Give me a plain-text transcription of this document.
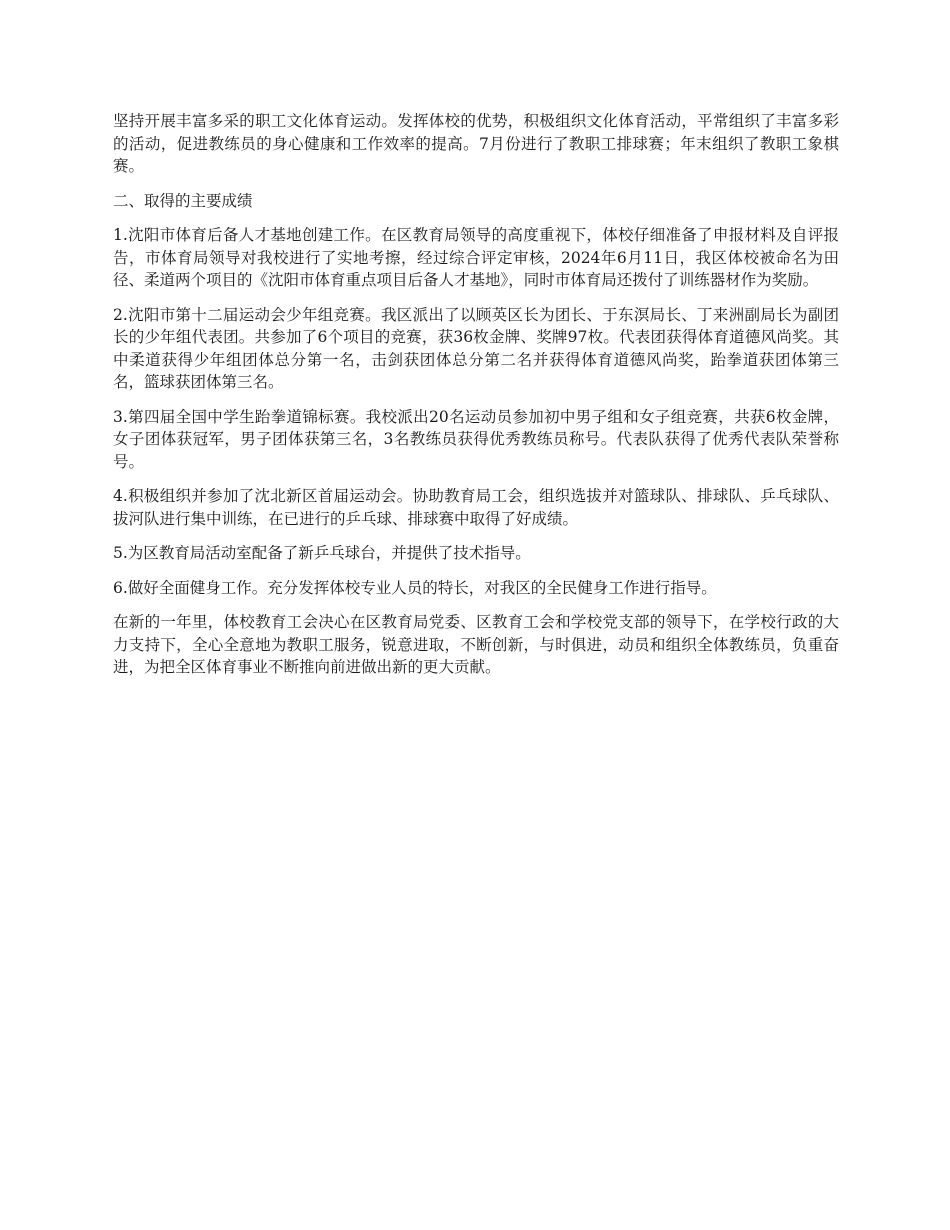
坚持开展丰富多采的职工文化体育运动。发挥体校的优势，积极组织文化体育活动，平常组织了丰富多彩的活动，促进教练员的身心健康和工作效率的提高。7月份进行了教职工排球赛；年末组织了教职工象棋赛。

二、取得的主要成绩

1.沈阳市体育后备人才基地创建工作。在区教育局领导的高度重视下，体校仔细准备了申报材料及自评报告，市体育局领导对我校进行了实地考擦，经过综合评定审核，2024年6月11日，我区体校被命名为田径、柔道两个项目的《沈阳市体育重点项目后备人才基地》，同时市体育局还拨付了训练器材作为奖励。

2.沈阳市第十二届运动会少年组竞赛。我区派出了以顾英区长为团长、于东溟局长、丁来洲副局长为副团长的少年组代表团。共参加了6个项目的竞赛，获36枚金牌、奖牌97枚。代表团获得体育道德风尚奖。其中柔道获得少年组团体总分第一名，击剑获团体总分第二名并获得体育道德风尚奖，跆拳道获团体第三名，篮球获团体第三名。

3.第四届全国中学生跆拳道锦标赛。我校派出20名运动员参加初中男子组和女子组竞赛，共获6枚金牌，女子团体获冠军，男子团体获第三名，3名教练员获得优秀教练员称号。代表队获得了优秀代表队荣誉称号。

4.积极组织并参加了沈北新区首届运动会。协助教育局工会，组织选拔并对篮球队、排球队、乒乓球队、拔河队进行集中训练，在已进行的乒乓球、排球赛中取得了好成绩。

5.为区教育局活动室配备了新乒乓球台，并提供了技术指导。

6.做好全面健身工作。充分发挥体校专业人员的特长，对我区的全民健身工作进行指导。

在新的一年里，体校教育工会决心在区教育局党委、区教育工会和学校党支部的领导下，在学校行政的大力支持下，全心全意地为教职工服务，锐意进取，不断创新，与时俱进，动员和组织全体教练员，负重奋进，为把全区体育事业不断推向前进做出新的更大贡献。
